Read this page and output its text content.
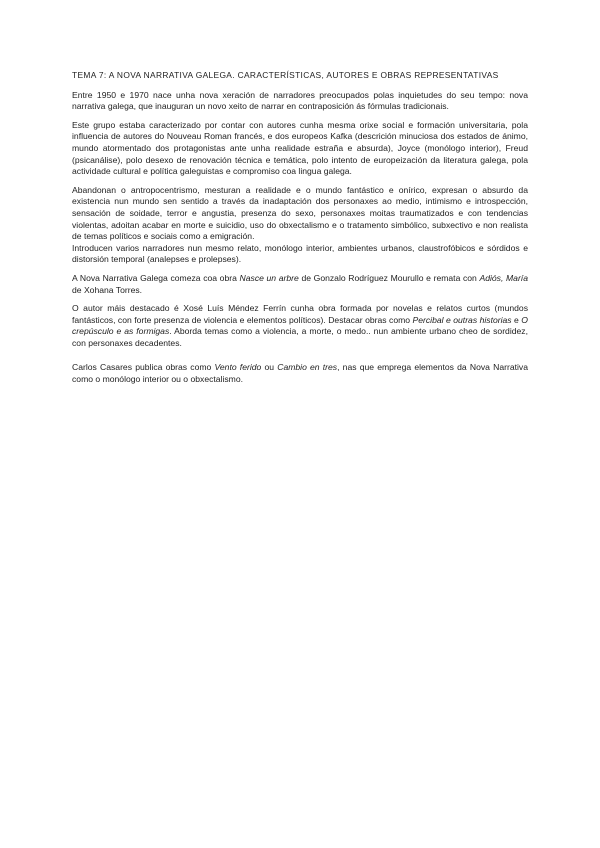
TEMA 7: A NOVA NARRATIVA GALEGA. CARACTERÍSTICAS, AUTORES E OBRAS REPRESENTATIVAS

Entre 1950 e 1970 nace unha nova xeración de narradores preocupados polas inquietudes do seu tempo: nova narrativa galega, que inauguran un novo xeito de narrar en contraposición ás fórmulas tradicionais.

Este grupo estaba caracterizado por contar con autores cunha mesma orixe social e formación universitaria, pola influencia de autores do Nouveau Roman francés, e dos europeos Kafka (descrición minuciosa dos estados de ánimo, mundo atormentado dos protagonistas ante unha realidade estraña e absurda), Joyce (monólogo interior), Freud (psicanálise), polo desexo de renovación técnica e temática, polo intento de europeización da literatura galega, pola actividade cultural e política galeguistas e compromiso coa lingua galega.

Abandonan o antropocentrismo, mesturan a realidade e o mundo fantástico e onírico, expresan o absurdo da existencia nun mundo sen sentido a través da inadaptación dos personaxes ao medio, intimismo e introspección, sensación de soidade, terror e angustia, presenza do sexo, personaxes moitas traumatizados e con tendencias violentas, adoitan acabar en morte e suicidio, uso do obxectalismo e o tratamento simbólico, subxectivo e non realista de temas políticos e sociais como a emigración.

Introducen varios narradores nun mesmo relato, monólogo interior, ambientes urbanos, claustrofóbicos e sórdidos e distorsión temporal (analepses e prolepses).

A Nova Narrativa Galega comeza coa obra Nasce un arbre de Gonzalo Rodríguez Mourullo e remata con Adiós, María de Xohana Torres.

O autor máis destacado é Xosé Luís Méndez Ferrín cunha obra formada por novelas e relatos curtos (mundos fantásticos, con forte presenza de violencia e elementos políticos). Destacar obras como Percibal e outras historias e O crepúsculo e as formigas. Aborda temas como a violencia, a morte, o medo.. nun ambiente urbano cheo de sordidez, con personaxes decadentes.

Carlos Casares publica obras como Vento ferido ou Cambio en tres, nas que emprega elementos da Nova Narrativa como o monólogo interior ou o obxectalismo.
